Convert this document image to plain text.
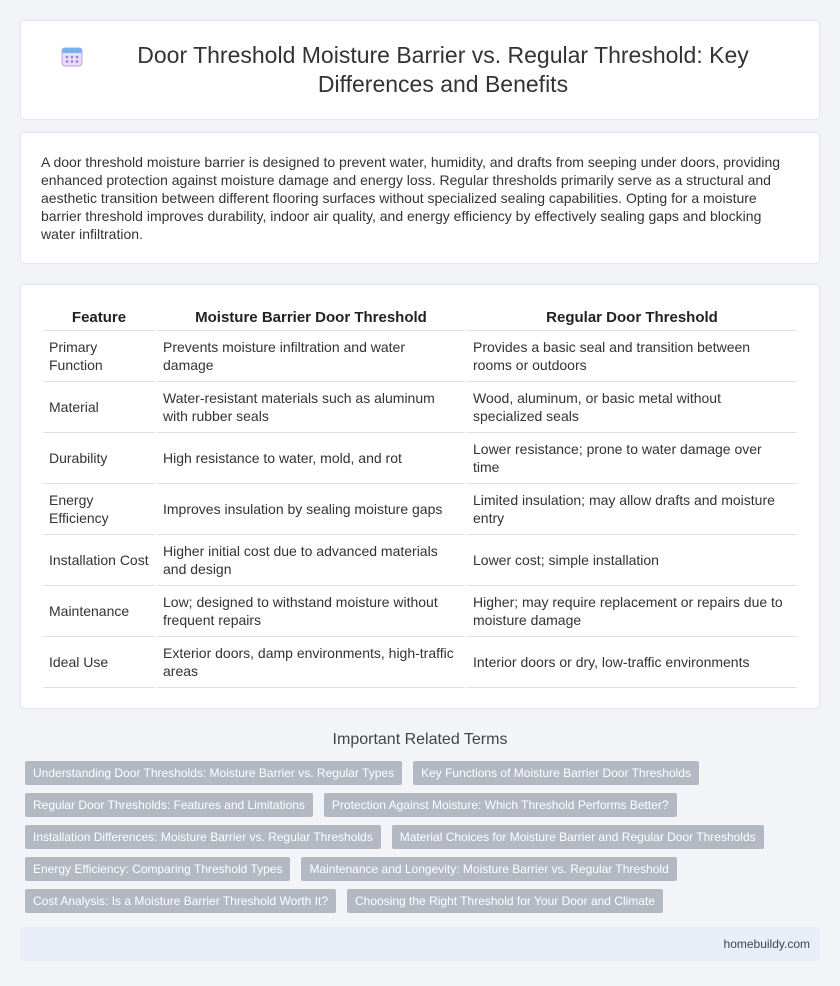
Door Threshold Moisture Barrier vs. Regular Threshold: Key Differences and Benefits

A door threshold moisture barrier is designed to prevent water, humidity, and drafts from seeping under doors, providing enhanced protection against moisture damage and energy loss. Regular thresholds primarily serve as a structural and aesthetic transition between different flooring surfaces without specialized sealing capabilities. Opting for a moisture barrier threshold improves durability, indoor air quality, and energy efficiency by effectively sealing gaps and blocking water infiltration.

Feature	Moisture Barrier Door Threshold	Regular Door Threshold
Primary Function	Prevents moisture infiltration and water damage	Provides a basic seal and transition between rooms or outdoors
Material	Water-resistant materials such as aluminum with rubber seals	Wood, aluminum, or basic metal without specialized seals
Durability	High resistance to water, mold, and rot	Lower resistance; prone to water damage over time
Energy Efficiency	Improves insulation by sealing moisture gaps	Limited insulation; may allow drafts and moisture entry
Installation Cost	Higher initial cost due to advanced materials and design	Lower cost; simple installation
Maintenance	Low; designed to withstand moisture without frequent repairs	Higher; may require replacement or repairs due to moisture damage
Ideal Use	Exterior doors, damp environments, high-traffic areas	Interior doors or dry, low-traffic environments
Important Related Terms
Understanding Door Thresholds: Moisture Barrier vs. Regular Types	Key Functions of Moisture Barrier Door Thresholds
Regular Door Thresholds: Features and Limitations	Protection Against Moisture: Which Threshold Performs Better?
Installation Differences: Moisture Barrier vs. Regular Thresholds	Material Choices for Moisture Barrier and Regular Door Thresholds
Energy Efficiency: Comparing Threshold Types	Maintenance and Longevity: Moisture Barrier vs. Regular Threshold
Cost Analysis: Is a Moisture Barrier Threshold Worth It?	Choosing the Right Threshold for Your Door and Climate
homebuildy.com
